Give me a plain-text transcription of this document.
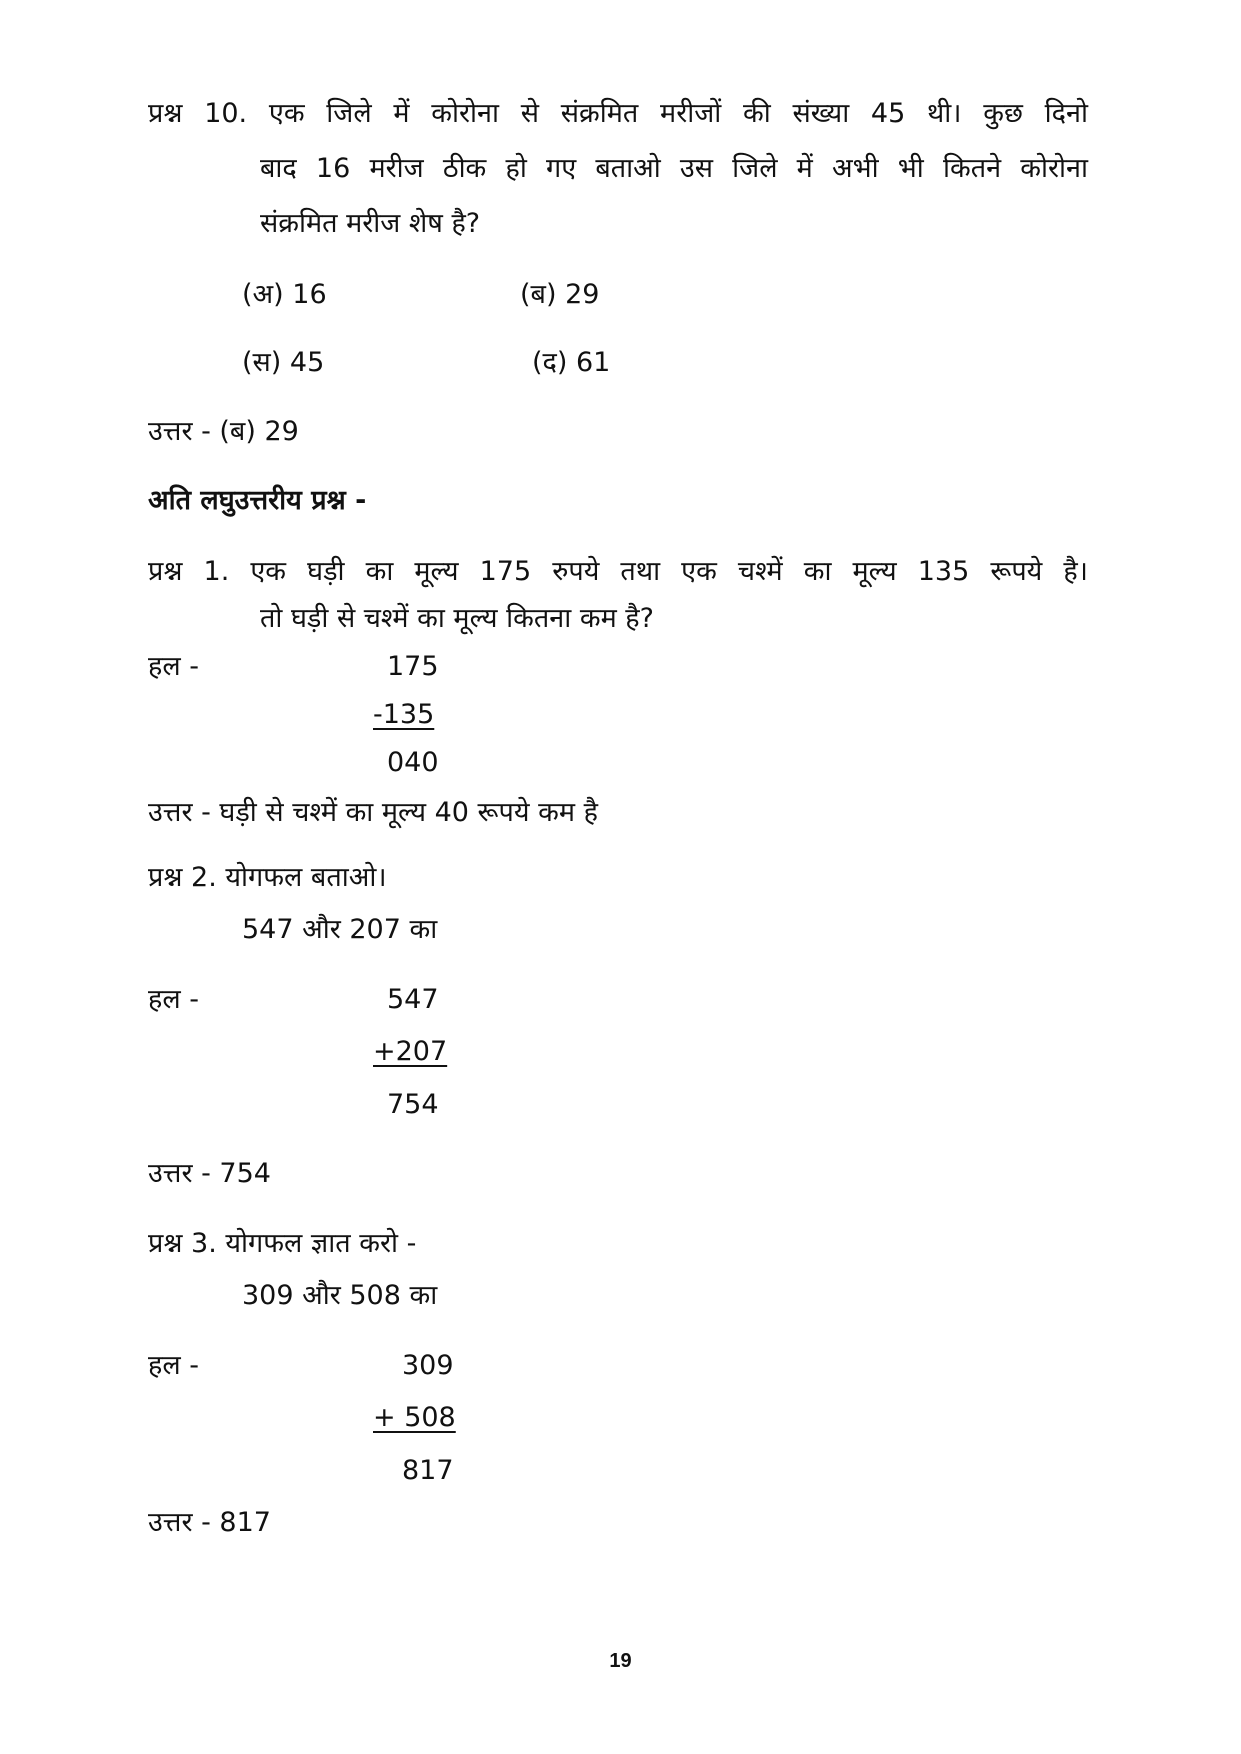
प्रश्न 10. एक जिले में कोरोना से संक्रमित मरीजों की संख्या 45 थी। कुछ दिनो
बाद 16 मरीज ठीक हो गए बताओ उस जिले में अभी भी कितने कोरोना
संक्रमित मरीज शेष है?
(अ) 16	(ब) 29
(स) 45	(द) 61
उत्तर - (ब) 29
अति लघुउत्तरीय प्रश्न -
प्रश्न 1. एक घड़ी का मूल्य 175 रुपये तथा एक चश्में का मूल्य 135 रूपये है।
तो घड़ी से चश्में का मूल्य कितना कम है?
हल -	175
-135
040
उत्तर - घड़ी से चश्में का मूल्य 40 रूपये कम है
प्रश्न 2. योगफल बताओ।
547 और 207 का
हल -	547
+207
754
उत्तर - 754
प्रश्न 3. योगफल ज्ञात करो -
309 और 508 का
हल -	309
+ 508
817
उत्तर - 817
19
